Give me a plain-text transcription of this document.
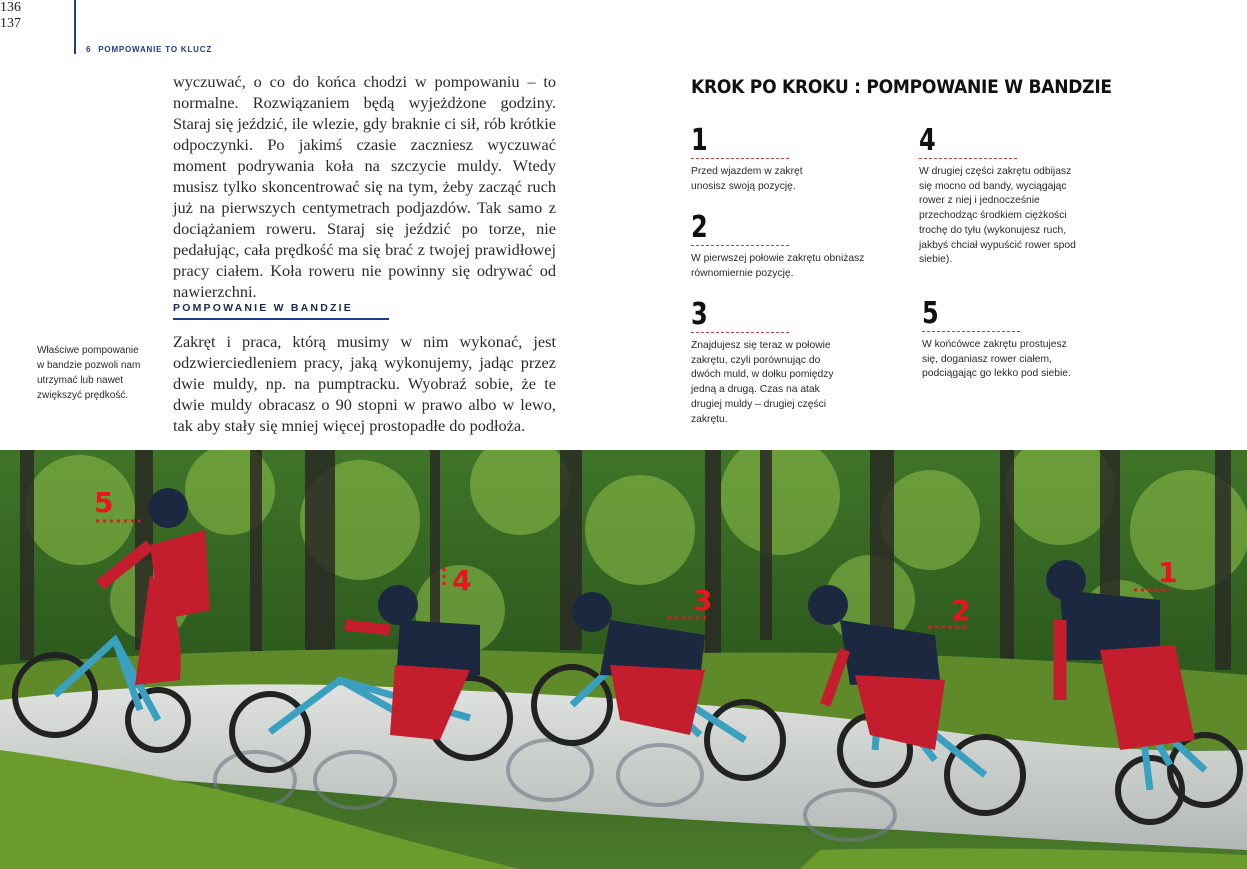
136
6 POMPOWANIE TO KLUCZ
137

wyczuwać, o co do końca chodzi w pompowaniu – to normalne. Rozwiązaniem będą wyjeżdżone godziny. Staraj się jeździć, ile wlezie, gdy braknie ci sił, rób krótkie odpoczynki. Po jakimś czasie zaczniesz wyczuwać moment podrywania koła na szczycie muldy. Wtedy musisz tylko skoncentrować się na tym, żeby zacząć ruch już na pierwszych centymetrach podjazdów. Tak samo z dociążaniem roweru. Staraj się jeździć po torze, nie pedałując, cała prędkość ma się brać z twojej prawidłowej pracy ciałem. Koła roweru nie powinny się odrywać od nawierzchni.

POMPOWANIE W BANDZIE

Zakręt i praca, którą musimy w nim wykonać, jest odzwierciedleniem pracy, jaką wykonujemy, jadąc przez dwie muldy, np. na pumptracku. Wyobraź sobie, że te dwie muldy obracasz o 90 stopni w prawo albo w lewo, tak aby stały się mniej więcej prostopadłe do podłoża.

Właściwe pompowanie w bandzie pozwoli nam utrzymać lub nawet zwiększyć prędkość.
KROK PO KROKU : POMPOWANIE W BANDZIE
1
Przed wjazdem w zakręt unosisz swoją pozycję.
2
W pierwszej połowie zakrętu obniżasz równomiernie pozycję.
3
Znajdujesz się teraz w połowie zakrętu, czyli porównując do dwóch muld, w dołku pomiędzy jedną a drugą. Czas na atak drugiej muldy – drugiej części zakrętu.
4
W drugiej części zakrętu odbijasz się mocno od bandy, wyciągając rower z niej i jednocześnie przechodząc środkiem ciężkości trochę do tyłu (wykonujesz ruch, jakbyś chciał wypuścić rower spod siebie).
5
W końcówce zakrętu prostujesz się, doganiasz rower ciałem, podciągając go lekko pod siebie.
5
4
3	2
1
